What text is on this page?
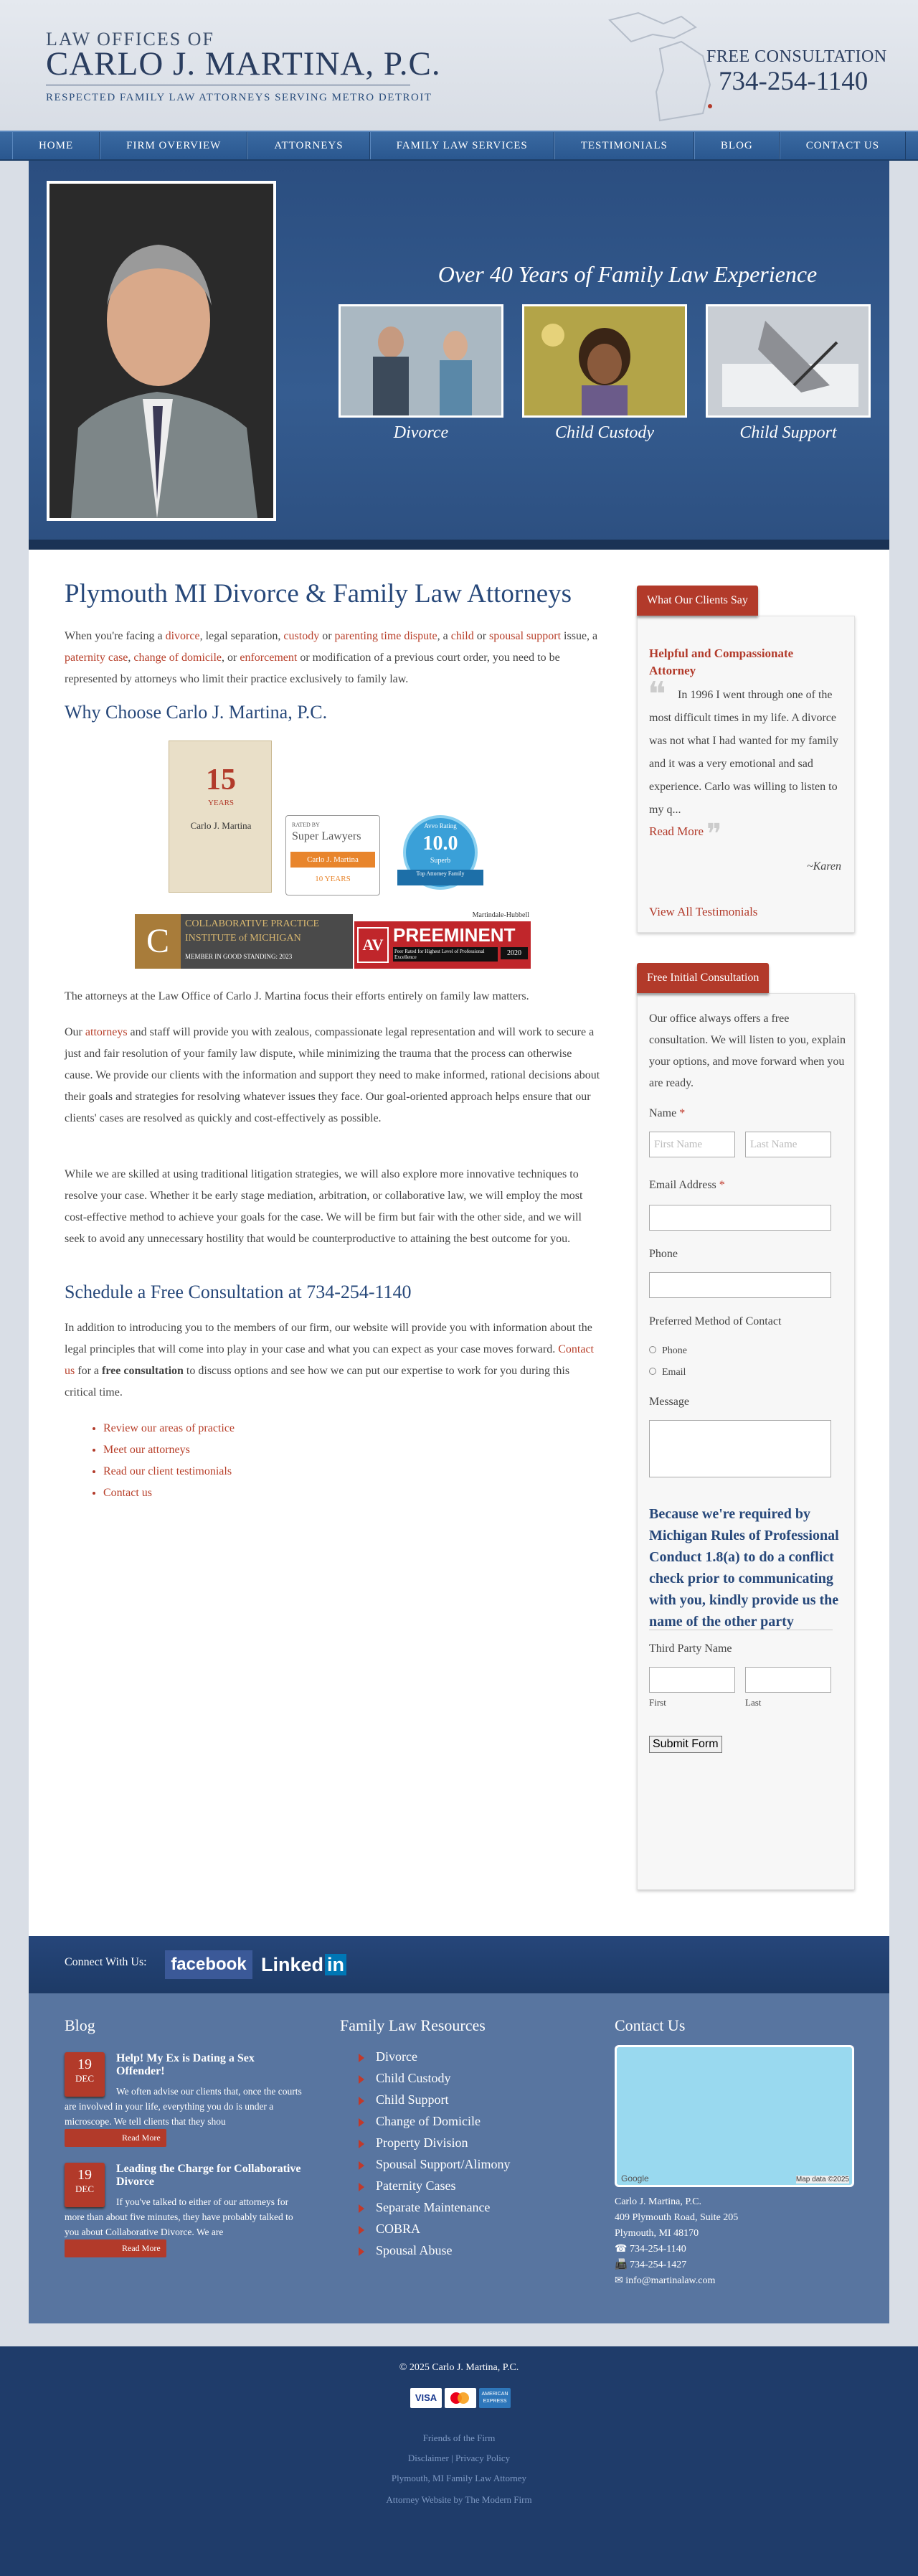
LAW OFFICES OF
CARLO J. MARTINA, P.C.
RESPECTED FAMILY LAW ATTORNEYS SERVING METRO DETROIT
FREE CONSULTATION
734-254-1140
HOME	FIRM OVERVIEW	ATTORNEYS	FAMILY LAW SERVICES	TESTIMONIALS	BLOG	CONTACT US
Over 40 Years of Family Law Experience
Divorce	Child Custody	Child Support
Plymouth MI Divorce & Family Law Attorneys
When you're facing a divorce, legal separation, custody or parenting time dispute, a child or spousal support issue, a paternity case, change of domicile, or enforcement or modification of a previous court order, you need to be represented by attorneys who limit their practice exclusively to family law.
Why Choose Carlo J. Martina, P.C.
15
YEARS
Carlo J. Martina	RATED BY
Super Lawyers
Carlo J. Martina
10 YEARS
Avvo Rating
10.0
Superb
Top Attorney Family
C	COLLABORATIVE PRACTICE
INSTITUTE of MICHIGAN
MEMBER IN GOOD STANDING: 2023
Martindale-Hubbell
AV PREEMINENT
Peer Rated for Highest Level of Professional Excellence	2020
The attorneys at the Law Office of Carlo J. Martina focus their efforts entirely on family law matters.
Our attorneys and staff will provide you with zealous, compassionate legal representation and will work to secure a just and fair resolution of your family law dispute, while minimizing the trauma that the process can otherwise cause. We provide our clients with the information and support they need to make informed, rational decisions about their goals and strategies for resolving whatever issues they face. Our goal-oriented approach helps ensure that our clients' cases are resolved as quickly and cost-effectively as possible.
While we are skilled at using traditional litigation strategies, we will also explore more innovative techniques to resolve your case. Whether it be early stage mediation, arbitration, or collaborative law, we will employ the most cost-effective method to achieve your goals for the case. We will be firm but fair with the other side, and we will seek to avoid any unnecessary hostility that would be counterproductive to attaining the best outcome for you.
Schedule a Free Consultation at 734-254-1140
In addition to introducing you to the members of our firm, our website will provide you with information about the legal principles that will come into play in your case and what you can expect as your case moves forward. Contact us for a free consultation to discuss options and see how we can put our expertise to work for you during this critical time.
• Review our areas of practice
• Meet our attorneys
• Read our client testimonials
• Contact us
Helpful and Compassionate Attorney
In 1996 I went through one of the most difficult times in my life. A divorce was not what I had wanted for my family and it was a very emotional and sad experience. Carlo was willing to listen to my q...
❝
Read More ❞
~Karen
View All Testimonials
What Our Clients Say
Our office always offers a free consultation. We will listen to you, explain your options, and move forward when you are ready.
Name *
First Name	Last Name
Email Address *
Phone
Preferred Method of Contact
Phone
Email
Message
Because we're required by Michigan Rules of Professional Conduct 1.8(a) to do a conflict check prior to communicating with you, kindly provide us the name of the other party
Third Party Name
First	Last
Submit Form
Free Initial Consultation
Connect With Us:	facebook Linked in
Blog	Family Law Resources	Contact Us
19
DEC
Help! My Ex is Dating a Sex Offender!
We often advise our clients that, once the courts are involved in your life, everything you do is under a microscope. We tell clients that they shou Read More
19
DEC
Leading the Charge for Collaborative Divorce
If you've talked to either of our attorneys for more than about five minutes, they have probably talked to you about Collaborative Divorce. We are Read More
Divorce
Child Custody
Child Support
Change of Domicile
Property Division
Spousal Support/Alimony
Paternity Cases
Separate Maintenance
COBRA
Spousal Abuse
Google	Map data ©2025
Carlo J. Martina, P.C.
409 Plymouth Road, Suite 205
Plymouth, MI 48170
☎ 734-254-1140
📠 734-254-1427
✉ info@martinalaw.com
© 2025 Carlo J. Martina, P.C.
VISA	AMERICAN EXPRESS
Friends of the Firm
Disclaimer | Privacy Policy
Plymouth, MI Family Law Attorney
Attorney Website by The Modern Firm
